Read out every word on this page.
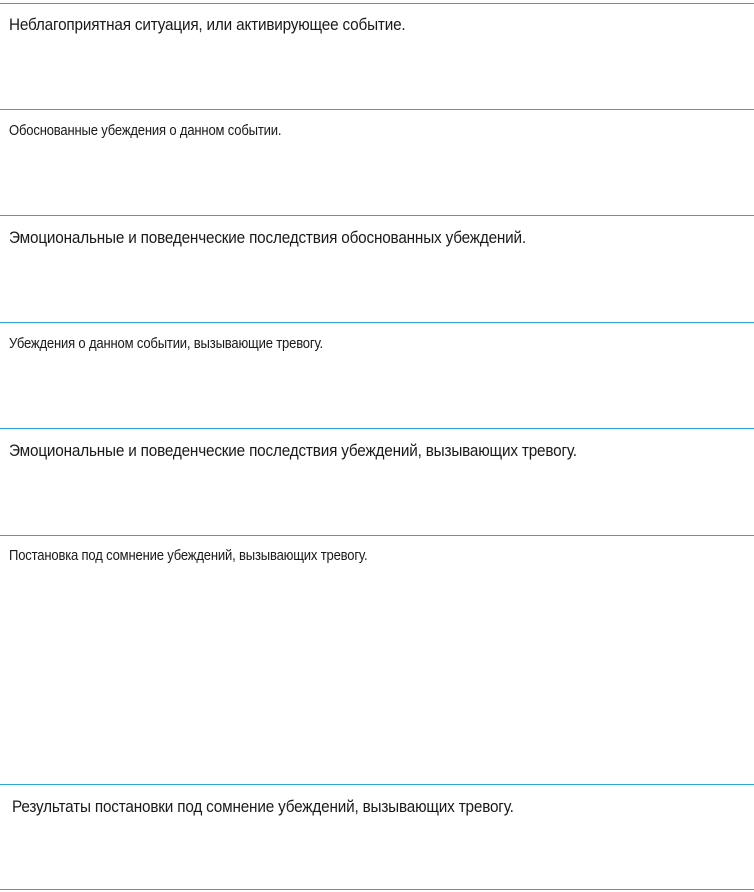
Неблагоприятная ситуация, или активирующее событие.
Обоснованные убеждения о данном событии.
Эмоциональные и поведенческие последствия обоснованных убеждений.
Убеждения о данном событии, вызывающие тревогу.
Эмоциональные и поведенческие последствия убеждений, вызывающих тревогу.
Постановка под сомнение убеждений, вызывающих тревогу.
Результаты постановки под сомнение убеждений, вызывающих тревогу.
